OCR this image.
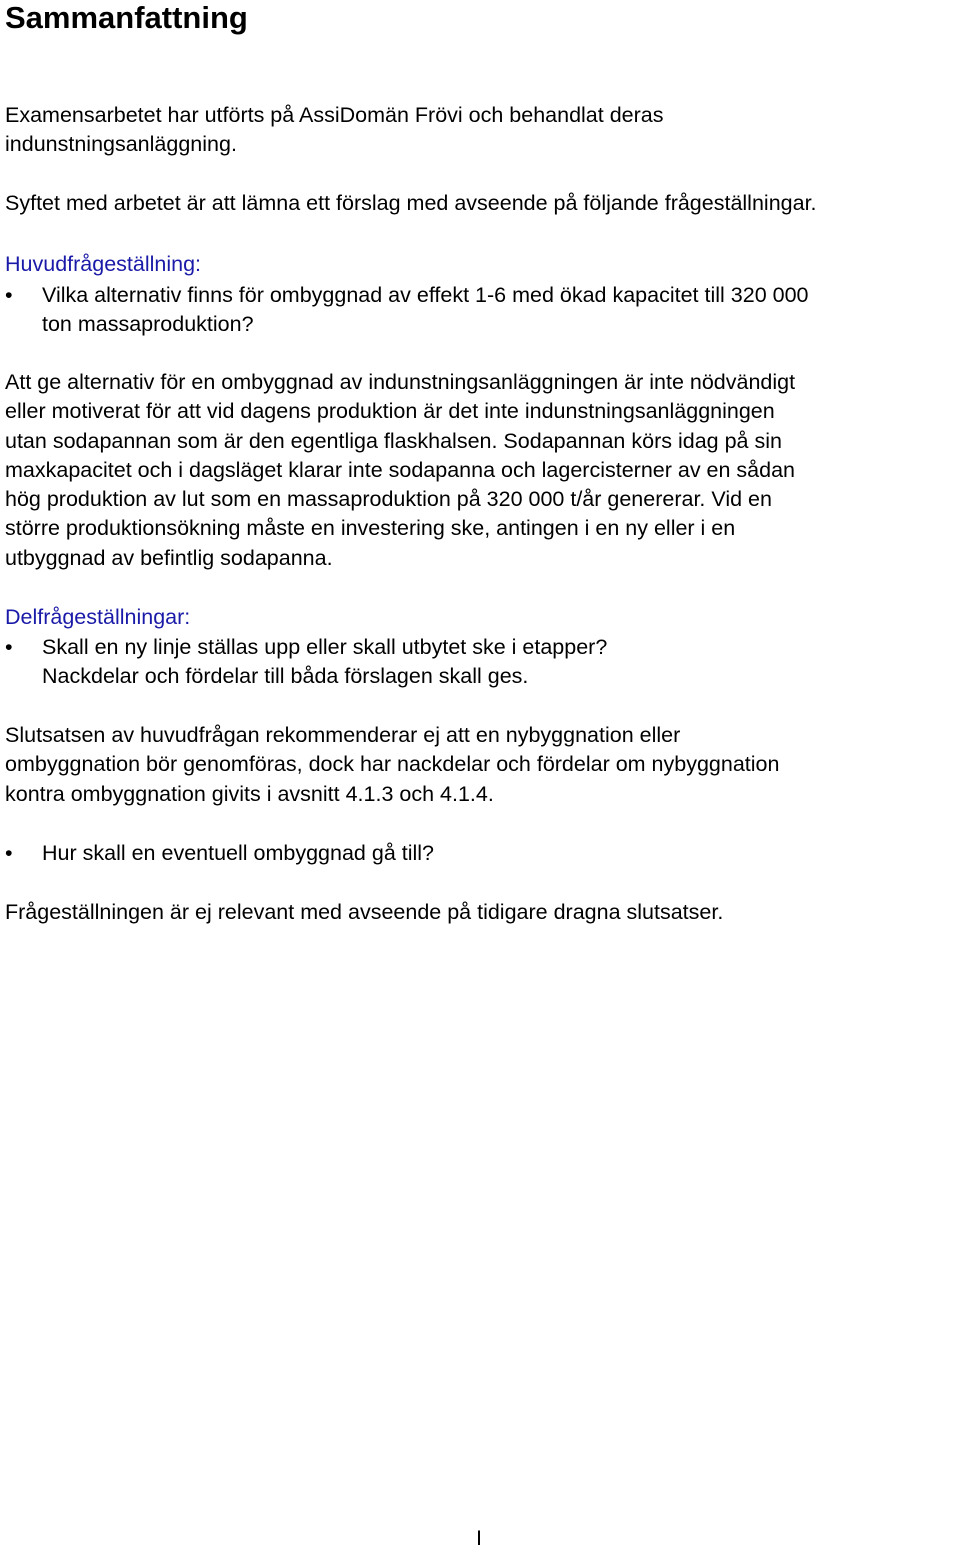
Sammanfattning

Examensarbetet har utförts på AssiDomän Frövi och behandlat deras
indunstningsanläggning.

Syftet med arbetet är att lämna ett förslag med avseende på följande frågeställningar.

Huvudfrågeställning:

•	Vilka alternativ finns för ombyggnad av effekt 1-6 med ökad kapacitet till 320 000
ton massaproduktion?

Att ge alternativ för en ombyggnad av indunstningsanläggningen är inte nödvändigt
eller motiverat för att vid dagens produktion är det inte indunstningsanläggningen
utan sodapannan som är den egentliga flaskhalsen. Sodapannan körs idag på sin
maxkapacitet och i dagsläget klarar inte sodapanna och lagercisterner av en sådan
hög produktion av lut som en massaproduktion på 320 000 t/år genererar. Vid en
större produktionsökning måste en investering ske, antingen i en ny eller i en
utbyggnad av befintlig sodapanna.

Delfrågeställningar:

•	Skall en ny linje ställas upp eller skall utbytet ske i etapper?
Nackdelar och fördelar till båda förslagen skall ges.

Slutsatsen av huvudfrågan rekommenderar ej att en nybyggnation eller
ombyggnation bör genomföras, dock har nackdelar och fördelar om nybyggnation
kontra ombyggnation givits i avsnitt 4.1.3 och 4.1.4.

•	Hur skall en eventuell ombyggnad gå till?

Frågeställningen är ej relevant med avseende på tidigare dragna slutsatser.

I
